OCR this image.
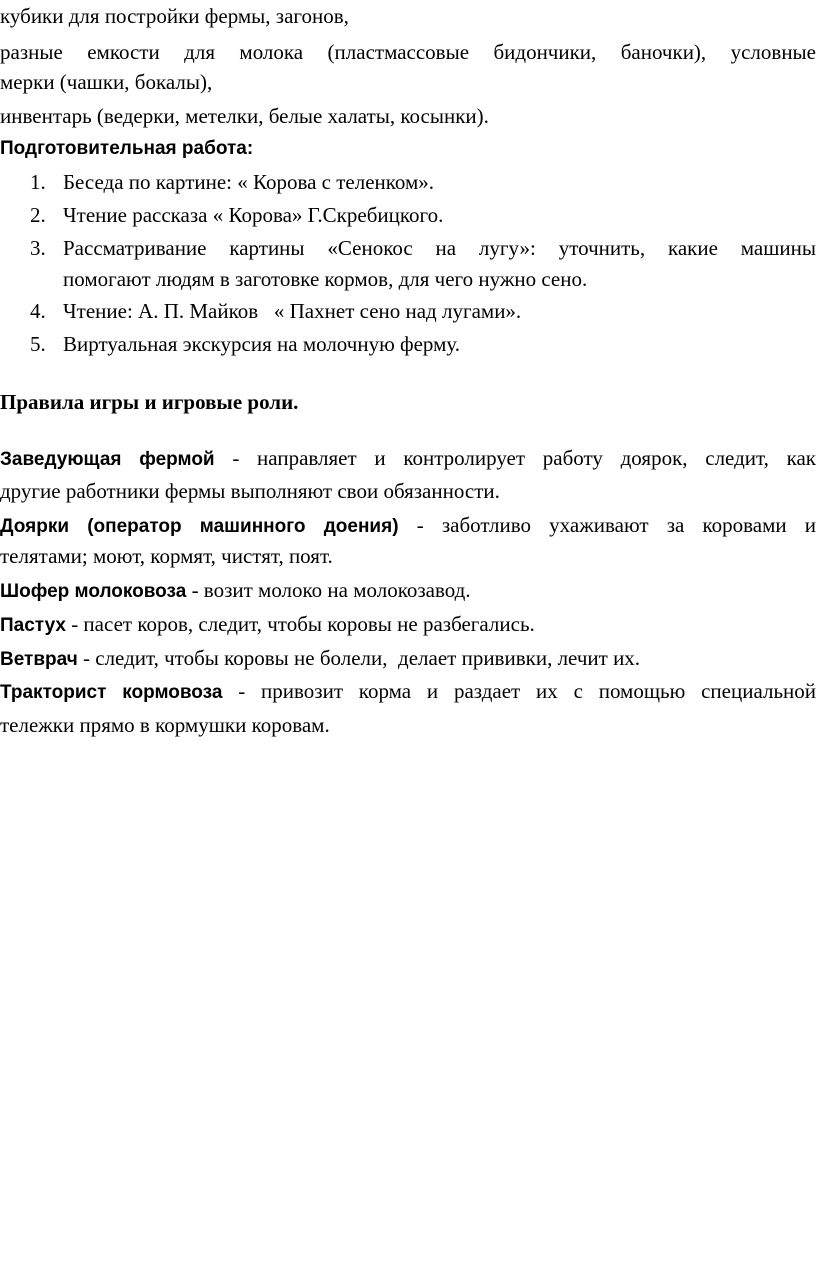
кубики для постройки фермы, загонов,
разные емкости для молока (пластмассовые бидончики, баночки), условные
мерки (чашки, бокалы),
инвентарь (ведерки, метелки, белые халаты, косынки).
Подготовительная работа:
1. Беседа по картине: « Корова с теленком».
2. Чтение рассказа « Корова» Г.Скребицкого.
3. Рассматривание картины «Сенокос на лугу»: уточнить, какие машины
помогают людям в заготовке кормов, для чего нужно сено.
4. Чтение: А. П. Майков   « Пахнет сено над лугами».
5. Виртуальная экскурсия на молочную ферму.
Правила игры и игровые роли.
Заведующая фермой - направляет и контролирует работу доярок, следит, как
другие работники фермы выполняют свои обязанности.
Доярки (оператор машинного доения) - заботливо ухаживают за коровами и
телятами; моют, кормят, чистят, поят.
Шофер молоковоза - возит молоко на молокозавод.
Пастух - пасет коров, следит, чтобы коровы не разбегались.
Ветврач - следит, чтобы коровы не болели,  делает прививки, лечит их.
Тракторист кормовоза - привозит корма и раздает их с помощью специальной
тележки прямо в кормушки коровам.
